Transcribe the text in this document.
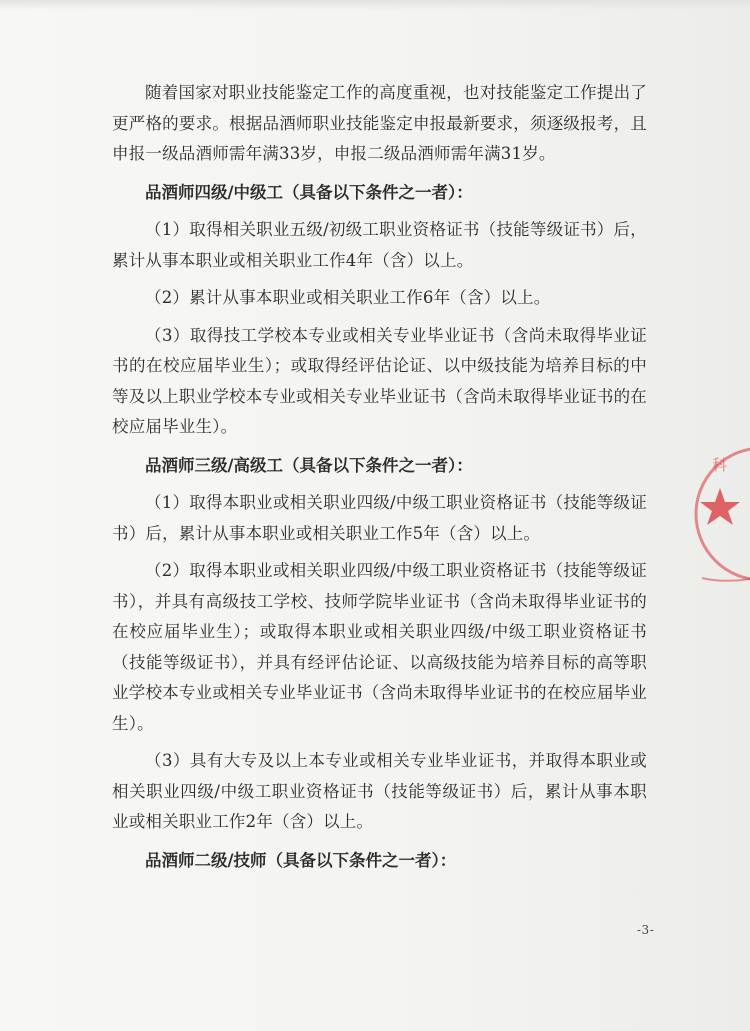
随着国家对职业技能鉴定工作的高度重视，也对技能鉴定工作提出了更严格的要求。根据品酒师职业技能鉴定申报最新要求，须逐级报考，且申报一级品酒师需年满33岁，申报二级品酒师需年满31岁。

品酒师四级/中级工（具备以下条件之一者）：

（1）取得相关职业五级/初级工职业资格证书（技能等级证书）后，累计从事本职业或相关职业工作4年（含）以上。

（2）累计从事本职业或相关职业工作6年（含）以上。

（3）取得技工学校本专业或相关专业毕业证书（含尚未取得毕业证书的在校应届毕业生）；或取得经评估论证、以中级技能为培养目标的中等及以上职业学校本专业或相关专业毕业证书（含尚未取得毕业证书的在校应届毕业生）。

品酒师三级/高级工（具备以下条件之一者）：

（1）取得本职业或相关职业四级/中级工职业资格证书（技能等级证书）后，累计从事本职业或相关职业工作5年（含）以上。

（2）取得本职业或相关职业四级/中级工职业资格证书（技能等级证书），并具有高级技工学校、技师学院毕业证书（含尚未取得毕业证书的在校应届毕业生）；或取得本职业或相关职业四级/中级工职业资格证书（技能等级证书），并具有经评估论证、以高级技能为培养目标的高等职业学校本专业或相关专业毕业证书（含尚未取得毕业证书的在校应届毕业生）。

（3）具有大专及以上本专业或相关专业毕业证书，并取得本职业或相关职业四级/中级工职业资格证书（技能等级证书）后，累计从事本职业或相关职业工作2年（含）以上。

品酒师二级/技师（具备以下条件之一者）：
-3-
科
